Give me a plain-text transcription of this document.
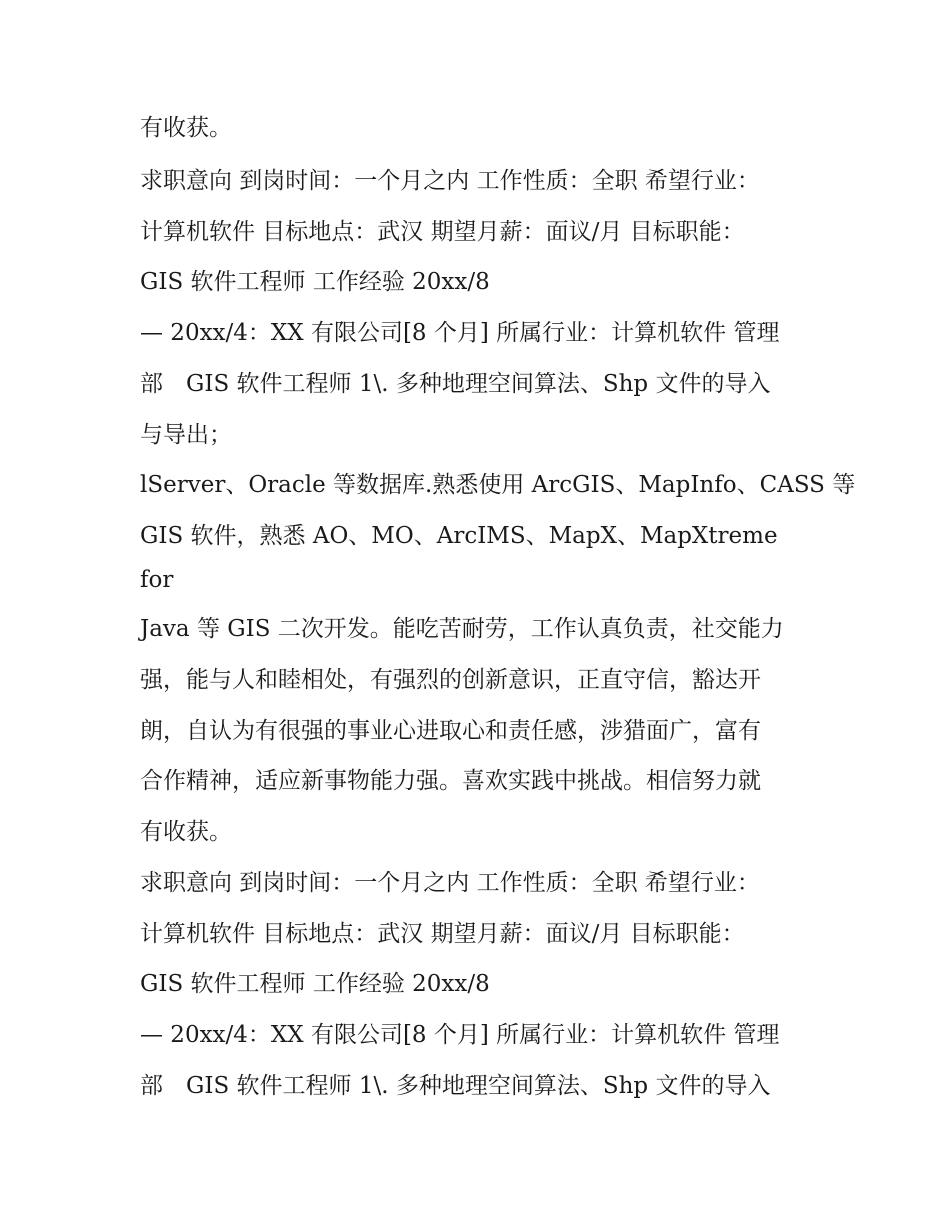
有收获。
求职意向 到岗时间：一个月之内 工作性质：全职 希望行业：
计算机软件 目标地点：武汉 期望月薪：面议/月 目标职能：
GIS 软件工程师 工作经验 20xx/8
— 20xx/4：XX 有限公司[8 个月] 所属行业：计算机软件 管理
部　GIS 软件工程师 1\. 多种地理空间算法、Shp 文件的导入
与导出；
lServer、Oracle 等数据库.熟悉使用 ArcGIS、MapInfo、CASS 等
GIS 软件，熟悉 AO、MO、ArcIMS、MapX、MapXtreme
for
Java 等 GIS 二次开发。能吃苦耐劳，工作认真负责，社交能力
强，能与人和睦相处，有强烈的创新意识，正直守信，豁达开
朗，自认为有很强的事业心进取心和责任感，涉猎面广，富有
合作精神，适应新事物能力强。喜欢实践中挑战。相信努力就
有收获。
求职意向 到岗时间：一个月之内 工作性质：全职 希望行业：
计算机软件 目标地点：武汉 期望月薪：面议/月 目标职能：
GIS 软件工程师 工作经验 20xx/8
— 20xx/4：XX 有限公司[8 个月] 所属行业：计算机软件 管理
部　GIS 软件工程师 1\. 多种地理空间算法、Shp 文件的导入
